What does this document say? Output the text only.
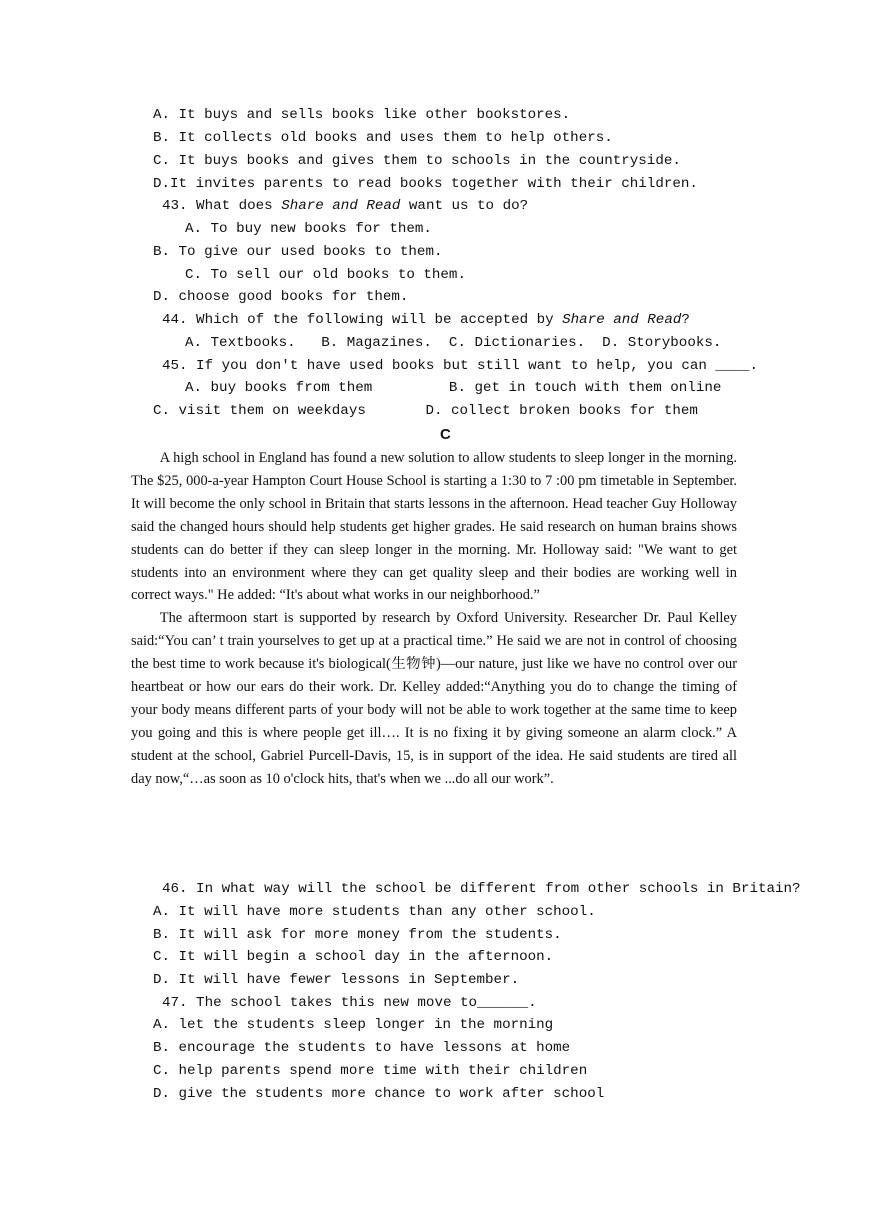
A. It buys and sells books like other bookstores.
B. It collects old books and uses them to help others.
C. It buys books and gives them to schools in the countryside.
D.It invites parents to read books together with their children.
43. What does Share and Read want us to do?
A. To buy new books for them.
B. To give our used books to them.
C. To sell our old books to them.
D. choose good books for them.
44. Which of the following will be accepted by Share and Read?
A. Textbooks.   B. Magazines.  C. Dictionaries.  D. Storybooks.
45. If you don't have used books but still want to help, you can ____.
A. buy books from them         B. get in touch with them online
C. visit them on weekdays       D. collect broken books for them
C

A high school in England has found a new solution to allow students to sleep longer in the morning. The $25, 000-a-year Hampton Court House School is starting a 1:30 to 7 :00 pm timetable in September. It will become the only school in Britain that starts lessons in the afternoon. Head teacher Guy Holloway said the changed hours should help students get higher grades. He said research on human brains shows students can do better if they can sleep longer in the morning. Mr. Holloway said: "We want to get students into an environment where they can get quality sleep and their bodies are working well in correct ways." He added: “It's about what works in our neighborhood.”

The aftermoon start is supported by research by Oxford University. Researcher Dr. Paul Kelley said:“You can’ t train yourselves to get up at a practical time.” He said we are not in control of choosing the best time to work because it's biological(生物钟)—our nature, just like we have no control over our heartbeat or how our ears do their work. Dr. Kelley added:“Anything you do to change the timing of your body means different parts of your body will not be able to work together at the same time to keep you going and this is where people get ill…. It is no fixing it by giving someone an alarm clock.” A student at the school, Gabriel Purcell-Davis, 15, is in support of the idea. He said students are tired all day now,“…as soon as 10 o'clock hits, that's when we ...do all our work”.

46. In what way will the school be different from other schools in Britain?
A. It will have more students than any other school.
B. It will ask for more money from the students.
C. It will begin a school day in the afternoon.
D. It will have fewer lessons in September.
47. The school takes this new move to______.
A. let the students sleep longer in the morning
B. encourage the students to have lessons at home
C. help parents spend more time with their children
D. give the students more chance to work after school
